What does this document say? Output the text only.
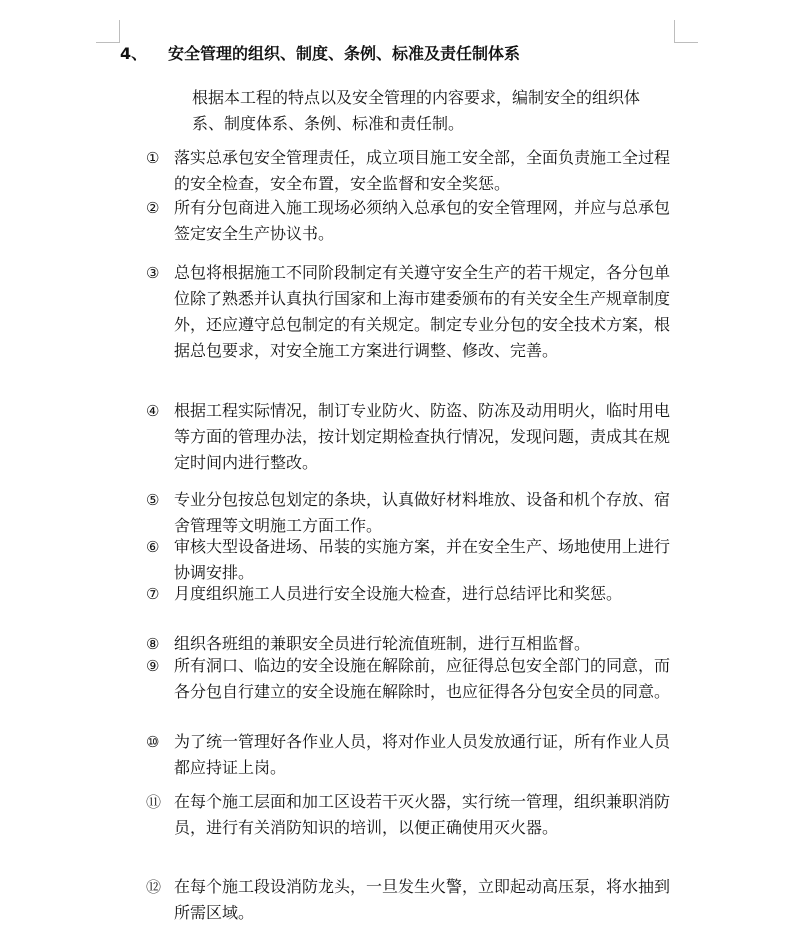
4、 安全管理的组织、制度、条例、标准及责任制体系
根据本工程的特点以及安全管理的内容要求，编制安全的组织体 系、制度体系、条例、标准和责任制。
① 落实总承包安全管理责任，成立项目施工安全部，全面负责施工全过程的安全检查，安全布置，安全监督和安全奖惩。
② 所有分包商进入施工现场必须纳入总承包的安全管理网，并应与总承包签定安全生产协议书。
③ 总包将根据施工不同阶段制定有关遵守安全生产的若干规定，各分包单位除了熟悉并认真执行国家和上海市建委颁布的有关安全生产规章制度外，还应遵守总包制定的有关规定。制定专业分包的安全技术方案，根据总包要求，对安全施工方案进行调整、修改、完善。
④ 根据工程实际情况，制订专业防火、防盗、防冻及动用明火，临时用电等方面的管理办法，按计划定期检查执行情况，发现问题，责成其在规定时间内进行整改。
⑤ 专业分包按总包划定的条块，认真做好材料堆放、设备和机个存放、宿舍管理等文明施工方面工作。
⑥ 审核大型设备进场、吊装的实施方案，并在安全生产、场地使用上进行协调安排。
⑦ 月度组织施工人员进行安全设施大检查，进行总结评比和奖惩。
⑧ 组织各班组的兼职安全员进行轮流值班制，进行互相监督。
⑨ 所有洞口、临边的安全设施在解除前，应征得总包安全部门的同意，而各分包自行建立的安全设施在解除时，也应征得各分包安全员的同意。
⑩ 为了统一管理好各作业人员，将对作业人员发放通行证，所有作业人员都应持证上岗。
⑪ 在每个施工层面和加工区设若干灭火器，实行统一管理，组织兼职消防员，进行有关消防知识的培训，以便正确使用灭火器。
⑫ 在每个施工段设消防龙头，一旦发生火警，立即起动高压泵，将水抽到所需区域。
